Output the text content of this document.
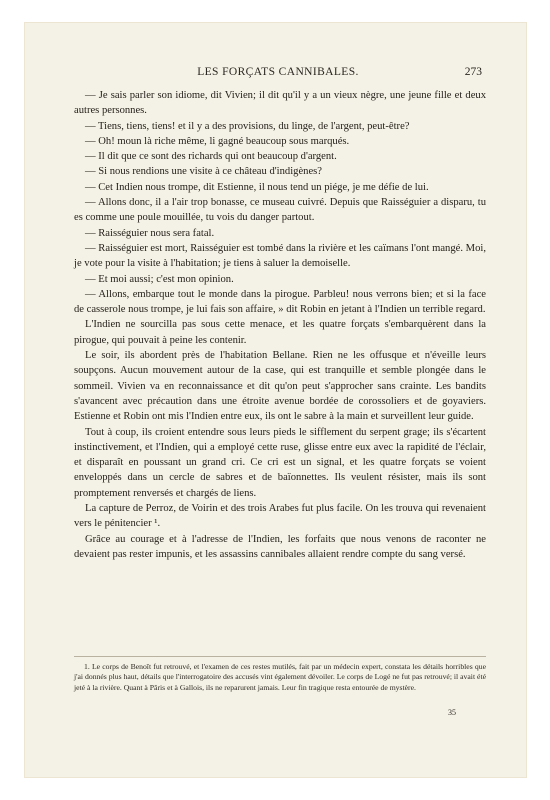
LES FORÇATS CANNIBALES.	273

— Je sais parler son idiome, dit Vivien; il dit qu'il y a un vieux nègre, une jeune fille et deux autres personnes.

— Tiens, tiens, tiens! et il y a des provisions, du linge, de l'argent, peut-être?

— Oh! moun là riche même, li gagné beaucoup sous marqués.

— Il dit que ce sont des richards qui ont beaucoup d'argent.

— Si nous rendions une visite à ce château d'indigènes?

— Cet Indien nous trompe, dit Estienne, il nous tend un piége, je me défie de lui.

— Allons donc, il a l'air trop bonasse, ce museau cuivré. Depuis que Raisséguier a disparu, tu es comme une poule mouillée, tu vois du danger partout.

— Raisséguier nous sera fatal.

— Raisséguier est mort, Raisséguier est tombé dans la rivière et les caïmans l'ont mangé. Moi, je vote pour la visite à l'habitation; je tiens à saluer la demoiselle.

— Et moi aussi; c'est mon opinion.

— Allons, embarque tout le monde dans la pirogue. Parbleu! nous verrons bien; et si la face de casserole nous trompe, je lui fais son affaire, » dit Robin en jetant à l'Indien un terrible regard.

L'Indien ne sourcilla pas sous cette menace, et les quatre forçats s'embarquèrent dans la pirogue, qui pouvait à peine les contenir.

Le soir, ils abordent près de l'habitation Bellane. Rien ne les offusque et n'éveille leurs soupçons. Aucun mouvement autour de la case, qui est tranquille et semble plongée dans le sommeil. Vivien va en reconnaissance et dit qu'on peut s'approcher sans crainte. Les bandits s'avancent avec précaution dans une étroite avenue bordée de corossoliers et de goyaviers. Estienne et Robin ont mis l'Indien entre eux, ils ont le sabre à la main et surveillent leur guide.

Tout à coup, ils croient entendre sous leurs pieds le sifflement du serpent grage; ils s'écartent instinctivement, et l'Indien, qui a employé cette ruse, glisse entre eux avec la rapidité de l'éclair, et disparaît en poussant un grand cri. Ce cri est un signal, et les quatre forçats se voient enveloppés dans un cercle de sabres et de baïonnettes. Ils veulent résister, mais ils sont promptement renversés et chargés de liens.

La capture de Perroz, de Voirin et des trois Arabes fut plus facile. On les trouva qui revenaient vers le pénitencier ¹.

Grâce au courage et à l'adresse de l'Indien, les forfaits que nous venons de raconter ne devaient pas rester impunis, et les assassins cannibales allaient rendre compte du sang versé.

1. Le corps de Benoît fut retrouvé, et l'examen de ces restes mutilés, fait par un médecin expert, constata les détails horribles que j'ai donnés plus haut, détails que l'interrogatoire des accusés vint également dévoiler. Le corps de Logé ne fut pas retrouvé; il avait été jeté à la rivière. Quant à Pâris et à Gallois, ils ne reparurent jamais. Leur fin tragique resta entourée de mystère.

35
